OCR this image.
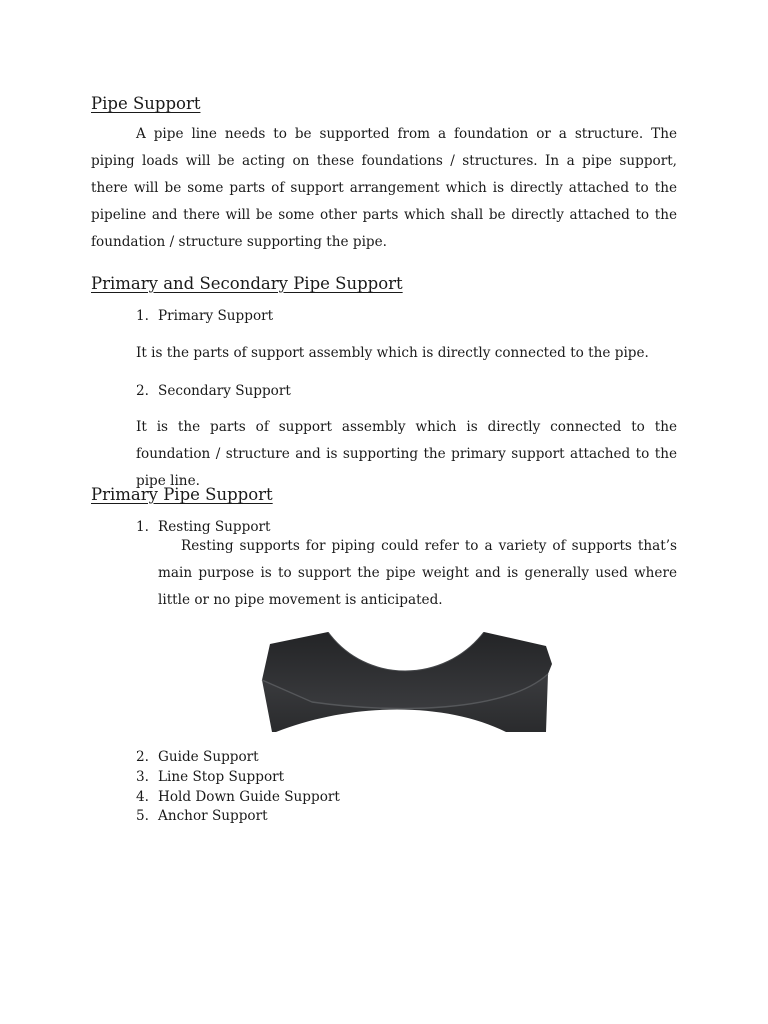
Pipe Support

A pipe line needs to be supported from a foundation or a structure. The piping loads will be acting on these foundations / structures. In a pipe support, there will be some parts of support arrangement which is directly attached to the pipeline and there will be some other parts which shall be directly attached to the foundation / structure supporting the pipe.

Primary and Secondary Pipe Support
1. Primary Support

It is the parts of support assembly which is directly connected to the pipe.

2. Secondary Support

It is the parts of support assembly which is directly connected to the foundation / structure and is supporting the primary support attached to the pipe line.

Primary Pipe Support
1. Resting Support

Resting supports for piping could refer to a variety of supports that’s main purpose is to support the pipe weight and is generally used where little or no pipe movement is anticipated.

2. Guide Support
3. Line Stop Support
4. Hold Down Guide Support
5. Anchor Support
